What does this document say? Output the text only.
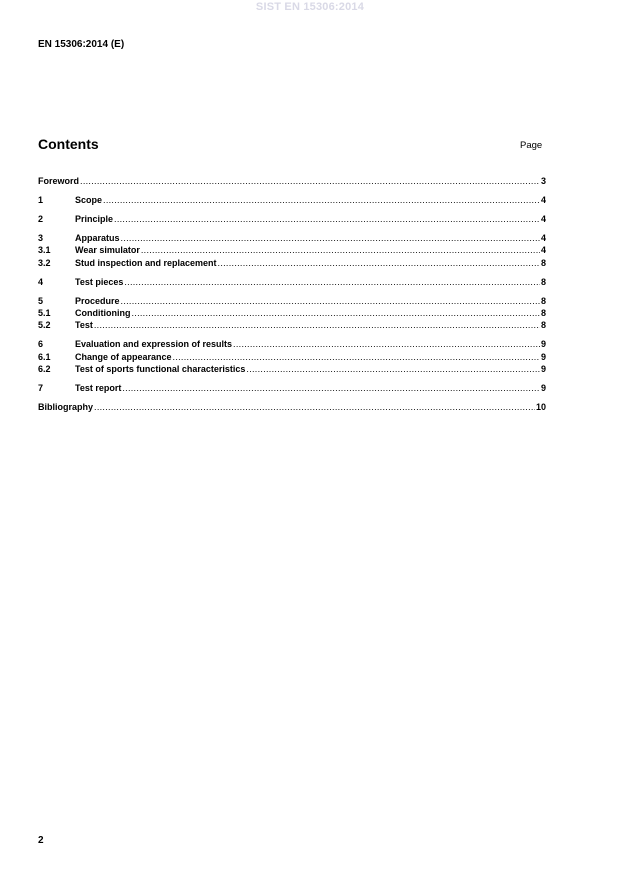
SIST EN 15306:2014
EN 15306:2014 (E)
Contents	Page
Foreword .....	3
1	Scope .....	4
2	Principle .....	4
3	Apparatus .....	4
3.1	Wear simulator .....	4
3.2	Stud inspection and replacement .....	8
4	Test pieces .....	8
5	Procedure .....	8
5.1	Conditioning .....	8
5.2	Test .....	8
6	Evaluation and expression of results .....	9
6.1	Change of appearance .....	9
6.2	Test of sports functional characteristics .....	9
7	Test report .....	9
Bibliography .....	10
2
